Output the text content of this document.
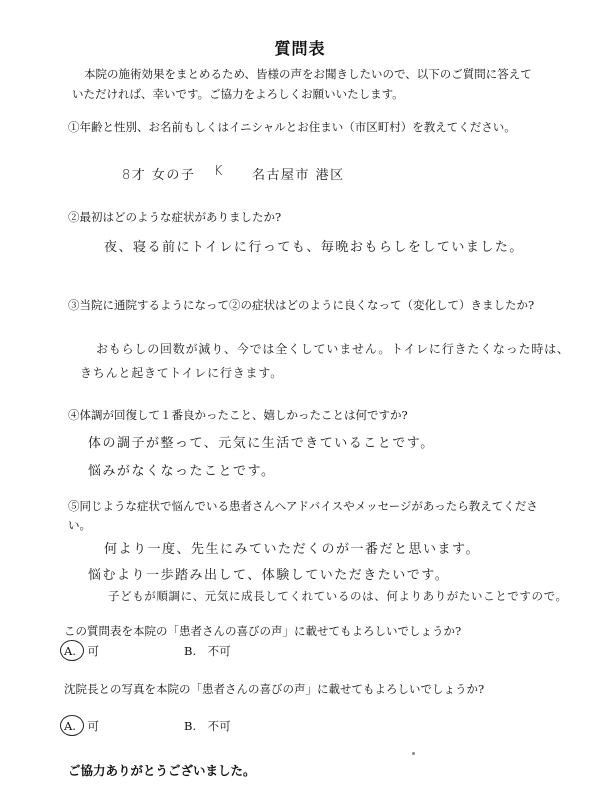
質問表
本院の施術効果をまとめるため、皆様の声をお聞きしたいので、以下のご質問に答えていただければ、幸いです。ご協力をよろしくお願いいたします。
①年齢と性別、お名前もしくはイニシャルとお住まい（市区町村）を教えてください。
8才 女の子 K 名古屋市 港区
②最初はどのような症状がありましたか?
夜、寝る前にトイレに行っても、毎晩おもらしをしていました。
③当院に通院するようになって②の症状はどのように良くなって（変化して）きましたか?
おもらしの回数が減り、今では全くしていません。トイレに行きたくなった時は、
きちんと起きてトイレに行きます。
④体調が回復して１番良かったこと、嬉しかったことは何ですか?
体の調子が整って、元気に生活できていることです。
悩みがなくなったことです。
⑤同じような症状で悩んでいる患者さんへアドバイスやメッセージがあったら教えてください。
何より一度、先生にみていただくのが一番だと思います。
悩むより一歩踏み出して、体験していただきたいです。
子どもが順調に、元気に成長してくれているのは、何よりありがたいことですので。
この質問表を本院の「患者さんの喜びの声」に載せてもよろしいでしょうか?
A.　可	B.　不可
沈院長との写真を本院の「患者さんの喜びの声」に載せてもよろしいでしょうか?
A.　可	B.　不可
ご協力ありがとうございました。
